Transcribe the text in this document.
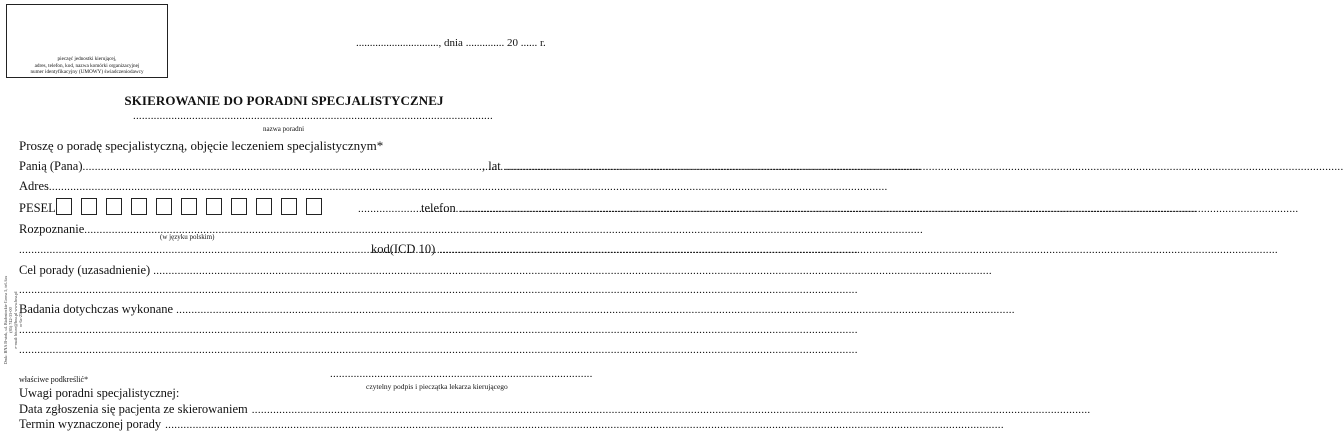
pieczęć jednostki kierującej,
adres, telefon, kod, nazwa komórki organizacyjnej
numer identyfikacyjny (UMOWY) świadczeniodawcy
.............................., dnia .............. 20 ...... r.
SKIEROWANIE DO PORADNI SPECJALISTYCZNEJ
..........................................................................................................................
nazwa poradni
Proszę o poradę specjalistyczną, objęcie leczeniem specjalistycznym*
Panią (Pana) .....	, lat
.....
Adres
.....
PESEL .....	telefon
.....
Rozpoznanie
.....
(w języku polskim)
.....
kod(ICD 10)
.....
Cel porady (uzasadnienie)
.....
.....
Badania dotychczas wykonane
.....
.....
.....
właściwe podkreślić*	.........................................................................................
czytelny podpis i pieczątka lekarza kierującego
Uwagi poradni specjalistycznej:
Data zgłoszenia się pacjenta ze skierowaniem
.....
Termin wyznaczonej porady
.....
Druk: BNA B-stok, ul. Białostockie Gorna 5, tel./fax (85) 742-33-00 e-mail: biuro@bna.pl www.bna.pl nr 6a-25
